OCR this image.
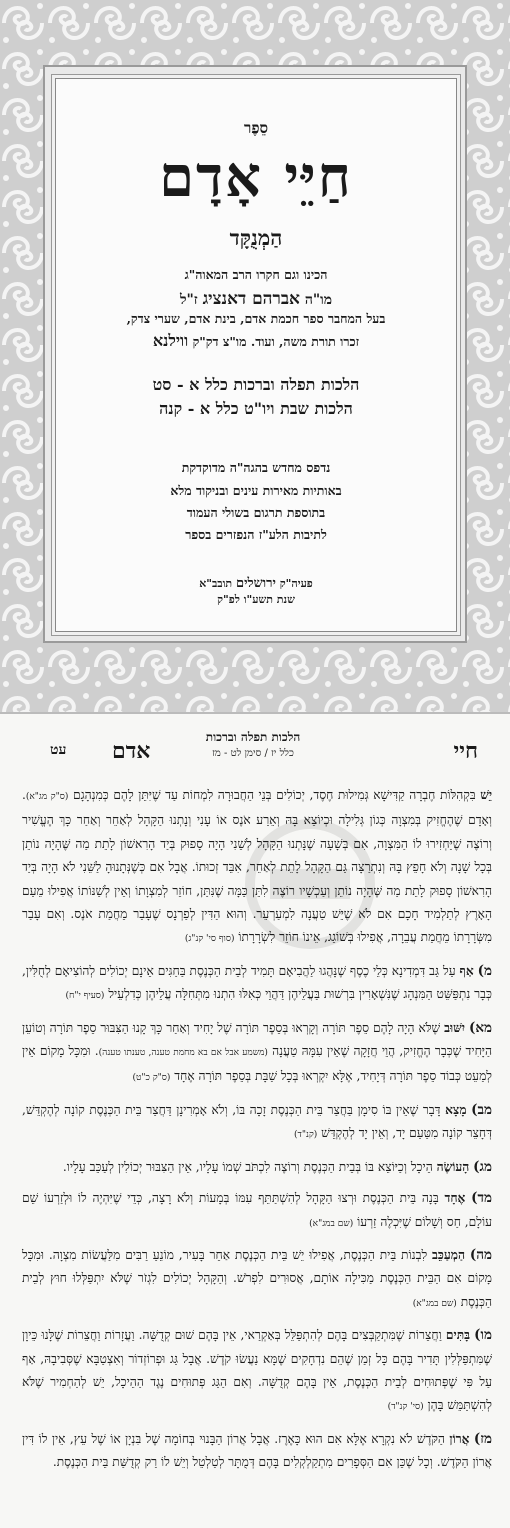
סֵפֶר
חַיֵּי אָדָם
הַמְנֻקָּד
הכינו וגם חקרו הרב המאוה"ג
מו"ה אברהם דאנציג ז"ל
בעל המחבר ספר חכמת אדם, בינת אדם, שערי צדק,
זכרו תורת משה, ועוד. מו"צ דק"ק ווילנא
הלכות תפלה וברכות כלל א - סט
הלכות שבת ויו"ט כלל א - קנה
נדפס מחדש בהגה"ה מדוקדקת
באותיות מאירות עינים ובניקוד מלא
בתוספת תרגום בשולי העמוד
לתיבות הלע"ז הנפזרים בספר
פעיה"ק ירושלים תובב"א
שנת תשע"ו לפ"ק
חיי
הלכות תפלה וברכות
כלל יז / סימן לט - מז
אדם
עט

יֵשׁ בִּקְהִלּוֹת חֶבְרָה קַדִּישָׁא גְּמִילוּת חֶסֶד, יְכוֹלִים בְּנֵי הַחֲבוּרָה לִמְחוֹת עַד שֶׁיִּתֵּן לָהֶם כְּמִנְהָגָם (ס"ק מג"א). וְאָדָם שֶׁהֶחֱזִיק בְּמִצְוָה כְּגוֹן גְּלִילָה וּכְיוֹצֵא בָּהּ וְאֵרַע אֹנֶס אוֹ עָנִי וְנָתְנוּ הַקָּהָל לְאַחֵר וְאַחַר כָּךְ הֶעֱשִׁיר וְרוֹצֶה שֶׁיַּחְזִירוּ לוֹ הַמִּצְוָה, אִם בְּשָׁעָה שֶׁנָּתְנוּ הַקָּהָל לְשֵׁנִי הָיָה סָפוּק בְּיַד הָרִאשׁוֹן לָתֵת מַה שֶּׁהָיָה נוֹתֵן בְּכָל שָׁנָה וְלֹא חָפֵץ בָּהּ וְנִתְרַצָּה גַּם הַקָּהָל לָתֵת לְאַחֵר, אִבֵּד זְכוּתוֹ. אֲבָל אִם כְּשֶׁנְּתָנוּהָ לַשֵּׁנִי לֹא הָיָה בְּיַד הָרִאשׁוֹן סָפוּק לָתֵת מַה שֶּׁהָיָה נוֹתֵן וְעַכְשָׁיו רוֹצֶה לִתֵּן כַּמָּה שֶׁנִּתַּן, חוֹזֵר לְמִצְוָתוֹ וְאֵין לְשַׁנּוֹתוֹ אֲפִילוּ מֵעַם הָאָרֶץ לְתַלְמִיד חָכָם אִם לֹא שֶׁיֵּשׁ טַעֲנָה לִמְעַרְעֵר. וְהוּא הַדִּין לְפַרְנָס שֶׁעָבַר מֵחֲמַת אֹנֶס. וְאִם עָבַר מִשְּׂרָרָתוֹ מֵחֲמַת עֲבֵרָה, אֲפִילוּ בְּשׁוֹגֵג, אֵינוֹ חוֹזֵר לִשְׂרָרָתוֹ (סוף סי' קנ"ג)

מ) אַף עַל גַּב דִּמְדִינָא כְּלֵי כֶסֶף שֶׁנָּהֲגוּ לַהֲבִיאָם תָּמִיד לְבֵית הַכְּנֶסֶת בַּחַגִּים אֵינָם יְכוֹלִים לְהוֹצִיאָם לְחֻלִּין, כְּבָר נִתְפַּשֵּׁט הַמִּנְהָג שֶׁנִּשְׁאָרִין בִּרְשׁוּת בַּעֲלֵיהֶן דַּהֲוֵי כְּאִלּוּ הִתְנוּ מִתְּחִלָּה עֲלֵיהֶן כְּדִלְעֵיל (סעיף י"ח)

מא) יִשּׁוּב שֶׁלֹּא הָיָה לָהֶם סֵפֶר תּוֹרָה וְקָרְאוּ בְּסֵפֶר תּוֹרָה שֶׁל יָחִיד וְאַחַר כָּךְ קָנוּ הַצִּבּוּר סֵפֶר תּוֹרָה וְטוֹעֵן הַיָּחִיד שֶׁכְּבָר הֶחֱזִיק, הֲוֵי חֲזָקָה שֶׁאֵין עִמָּהּ טַעֲנָה (משמע אבל אם בא מחמת טענה, טענתו טענה). וּמִכָּל מָקוֹם אֵין לְמַעֵט כְּבוֹד סֵפֶר תּוֹרָה דְּיָחִיד, אֶלָּא יִקְרְאוּ בְּכָל שַׁבָּת בְּסֵפֶר תּוֹרָה אֶחָד (ס"ק כ"ט)

מב) מָצָא דָּבָר שֶׁאֵין בּוֹ סִימָן בַּחֲצַר בֵּית הַכְּנֶסֶת זָכָה בּוֹ, וְלֹא אָמְרִינָן דַּחֲצַר בֵּית הַכְּנֶסֶת קוֹנָה לְהֶקְדֵּשׁ, דְּחָצֵר קוֹנָה מִטַּעַם יָד, וְאֵין יָד לְהֶקְדֵּשׁ (קנ"ד)

מג) הָעוֹשֶׂה הֵיכָל וְכַיּוֹצֵא בּוֹ בְּבֵית הַכְּנֶסֶת וְרוֹצֶה לִכְתֹּב שְׁמוֹ עָלָיו, אֵין הַצִּבּוּר יְכוֹלִין לְעַכֵּב עָלָיו.

מד) אֶחָד בָּנָה בֵּית הַכְּנֶסֶת וּרְצוּ הַקָּהָל לְהִשְׁתַּתֵּף עִמּוֹ בְּמָעוֹת וְלֹא רָצָה, כְּדֵי שֶׁיִּהְיֶה לוֹ וּלְזַרְעוֹ שֵׁם עוֹלָם, חַס וְשָׁלוֹם שֶׁיִּכְלֶה זַרְעוֹ (שם במג"א)

מה) הַמְעַכֵּב לִבְנוֹת בֵּית הַכְּנֶסֶת, אֲפִילוּ יֵשׁ בֵּית הַכְּנֶסֶת אַחֵר בָּעִיר, מוֹנֵעַ רַבִּים מִלַּעֲשׂוֹת מִצְוָה. וּמִכָּל מָקוֹם אִם הַבֵּית הַכְּנֶסֶת מַכִּילָה אוֹתָם, אֲסוּרִים לִפְרֹשׁ. וְהַקָּהָל יְכוֹלִים לִגְזֹר שֶׁלֹּא יִתְפַּלְּלוּ חוּץ לְבֵית הַכְּנֶסֶת (שם במג"א)

מו) בָּתִּים וַחֲצֵרוֹת שֶׁמִּתְקַבְּצִים בָּהֶם לְהִתְפַּלֵּל בְּאַקְרַאי, אֵין בָּהֶם שׁוּם קְדֻשָּׁה. וַעֲזָרוֹת וַחֲצֵרוֹת שֶׁלָּנוּ כֵּיוָן שֶׁמִּתְפַּלְּלִין תָּדִיר בָּהֶם כָּל זְמַן שֶׁהֵם נִדְחָקִים שֶׁמָּא נַעֲשׂוּ קֹדֶשׁ. אֲבָל גַּג וּפְרוֹזְדוֹר וְאִצְטַבָּא שֶׁסְּבִיבָהּ, אַף עַל פִּי שֶׁפְּתוּחִים לְבֵית הַכְּנֶסֶת, אֵין בָּהֶם קְדֻשָּׁה. וְאִם הַגַּג פְּתוּחִים נֶגֶד הַהֵיכָל, יֵשׁ לְהַחְמִיר שֶׁלֹּא לְהִשְׁתַּמֵּשׁ בָּהֶן (סי' קנ"ד)

מז) אֲרוֹן הַקֹּדֶשׁ לֹא נִקְרָא אֶלָּא אִם הוּא כָּאֶרֶז. אֲבָל אֲרוֹן הַבָּנוּי בְּחוֹמָה שֶׁל בִּנְיָן אוֹ שֶׁל עֵץ, אֵין לוֹ דִּין אֲרוֹן הַקֹּדֶשׁ. וְכָל שֶׁכֵּן אִם הַסְּפָרִים מִתְקַלְקְלִים בָּהֶם דְּמֻתָּר לְטַלְטֵל וְיֵשׁ לוֹ רַק קְדֻשַּׁת בֵּית הַכְּנֶסֶת.
